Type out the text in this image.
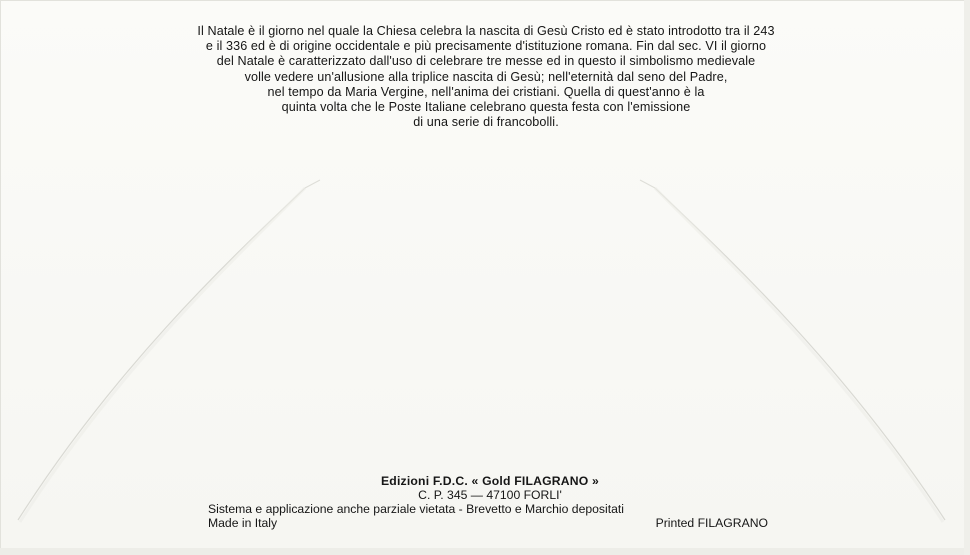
Il Natale è il giorno nel quale la Chiesa celebra la nascita di Gesù Cristo ed è stato introdotto tra il 243
e il 336 ed è di origine occidentale e più precisamente d'istituzione romana. Fin dal sec. VI il giorno
del Natale è caratterizzato dall'uso di celebrare tre messe ed in questo il simbolismo medievale
volle vedere un'allusione alla triplice nascita di Gesù; nell'eternità dal seno del Padre,
nel tempo da Maria Vergine, nell'anima dei cristiani. Quella di quest'anno è la
quinta volta che le Poste Italiane celebrano questa festa con l'emissione
di una serie di francobolli.

Edizioni F.D.C. « Gold FILAGRANO »
C. P. 345 — 47100 FORLI'
Sistema e applicazione anche parziale vietata - Brevetto e Marchio depositati
Made in Italy	Printed FILAGRANO
